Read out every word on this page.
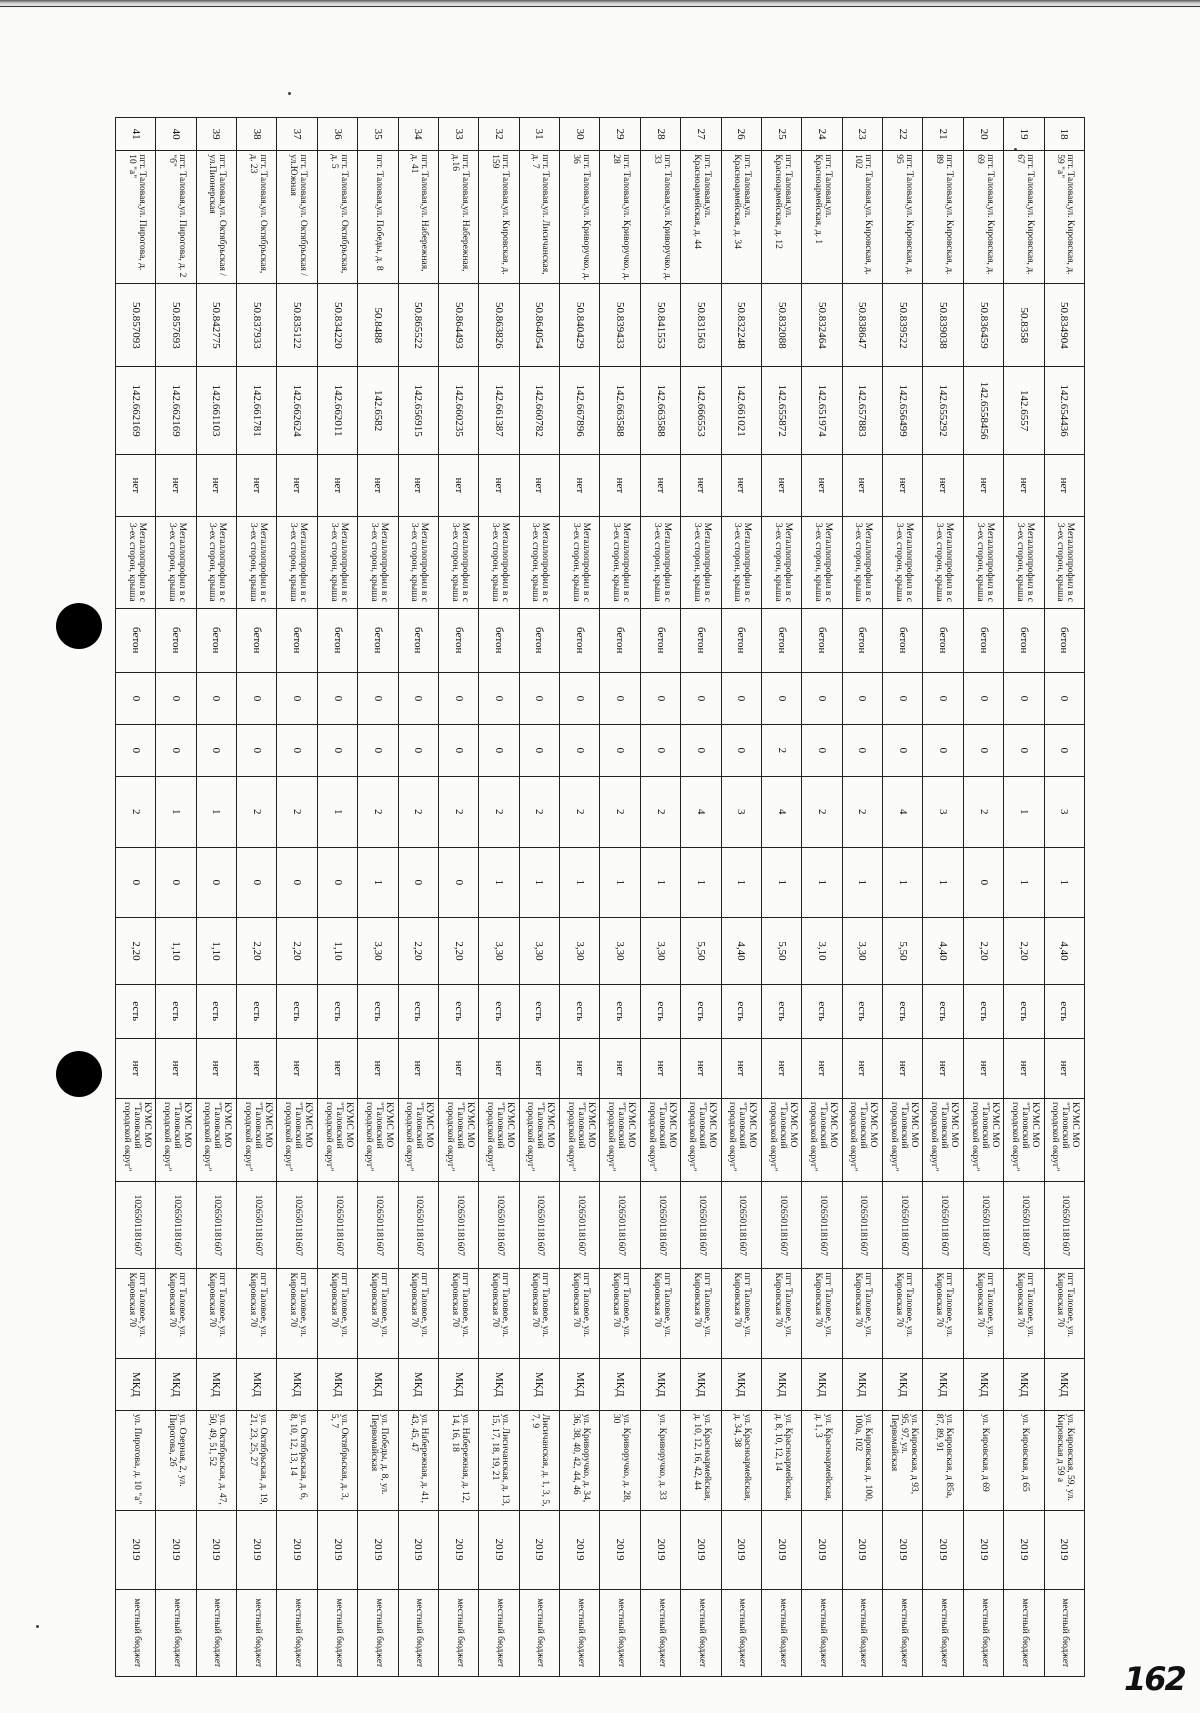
18	пгт. Таловая,ул. Кировская, д. 59 "а"	50.834904	142.654436	нет	Металлопрофил в с 3-ех сторон, крыша	бетон	0	0	3	1	4,40	есть	нет	КУМС МО "Таловский городской округ"	1026501181607	пгт Таловое, ул. Кировская 70	МКД	ул. Кировская, 59, ул. Кировская д 59 а	2019	местный бюджет
19	пгт. Таловая,ул. Кировская, д. 67	50.8358	142.6557	нет	Металлопрофил в с 3-ех сторон, крыша	бетон	0	0	1	1	2,20	есть	нет	КУМС МО "Таловский городской округ"	1026501181607	пгт Таловое, ул. Кировская 70	МКД	ул. Кировская, д 65	2019	местный бюджет
20	пгт. Таловая,ул. Кировская, д. 69	50.836459	142.6558456	нет	Металлопрофил в с 3-ех сторон, крыша	бетон	0	0	2	0	2,20	есть	нет	КУМС МО "Таловский городской округ"	1026501181607	пгт Таловое, ул. Кировская 70	МКД	ул. Кировская, д 69	2019	местный бюджет
21	пгт. Таловая,ул. Кировская, д. 89	50.839038	142.655292	нет	Металлопрофил в с 3-ех сторон, крыша	бетон	0	0	3	1	4,40	есть	нет	КУМС МО "Таловский городской округ"	1026501181607	пгт Таловое, ул. Кировская 70	МКД	ул. Кировская, д 85а, 87, 89, 91	2019	местный бюджет
22	пгт. Таловая,ул. Кировская, д. 95	50.839522	142.656499	нет	Металлопрофил в с 3-ех сторон, крыша	бетон	0	0	4	1	5,50	есть	нет	КУМС МО "Таловский городской округ"	1026501181607	пгт Таловое, ул. Кировская 70	МКД	ул. Кировская, д 93, 95, 97, ул. Первомайская	2019	местный бюджет
23	пгт. Таловая,ул. Кировская, д. 102	50.838647	142.657883	нет	Металлопрофил в с 3-ех сторон, крыша	бетон	0	0	2	1	3,30	есть	нет	КУМС МО "Таловский городской округ"	1026501181607	пгт Таловое, ул. Кировская 70	МКД	ул. Кировская, д. 100, 100а, 102	2019	местный бюджет
24	пгт. Таловая,ул. Красноармейская, д. 1	50.832464	142.651974	нет	Металлопрофил в с 3-ех сторон, крыша	бетон	0	0	2	1	3,10	есть	нет	КУМС МО "Таловский городской округ"	1026501181607	пгт Таловое, ул. Кировская 70	МКД	ул. Красноармейская, д. 1, 3	2019	местный бюджет
25	пгт. Таловая,ул. Красноармейская, д. 12	50.832088	142.655872	нет	Металлопрофил в с 3-ех сторон, крыша	бетон	0	2	4	1	5,50	есть	нет	КУМС МО "Таловский городской округ"	1026501181607	пгт Таловое, ул. Кировская 70	МКД	ул. Красноармейская, д. 8, 10, 12, 14	2019	местный бюджет
26	пгт. Таловая,ул. Красноармейская, д. 34	50.832248	142.661021	нет	Металлопрофил в с 3-ех сторон, крыша	бетон	0	0	3	1	4,40	есть	нет	КУМС МО "Таловский городской округ"	1026501181607	пгт Таловое, ул. Кировская 70	МКД	ул. Красноармейская, д. 34, 38	2019	местный бюджет
27	пгт. Таловая,ул. Красноармейская, д. 44	50.831563	142.666553	нет	Металлопрофил в с 3-ех сторон, крыша	бетон	0	0	4	1	5,50	есть	нет	КУМС МО "Таловский городской округ"	1026501181607	пгт Таловое, ул. Кировская 70	МКД	ул. Красноармейская, д. 10, 12, 16, 42, 44	2019	местный бюджет
28	пгт. Таловая,ул. Криворучко, д. 33	50.841553	142.663588	нет	Металлопрофил в с 3-ех сторон, крыша	бетон	0	0	2	1	3,30	есть	нет	КУМС МО "Таловский городской округ"	1026501181607	пгт Таловое, ул. Кировская 70	МКД	ул. Криворучко, д. 33	2019	местный бюджет
29	пгт. Таловая,ул. Криворучко, д. 28	50.839433	142.663588	нет	Металлопрофил в с 3-ех сторон, крыша	бетон	0	0	2	1	3,30	есть	нет	КУМС МО "Таловский городской округ"	1026501181607	пгт Таловое, ул. Кировская 70	МКД	ул. Криворучко, д. 28, 30	2019	местный бюджет
30	пгт. Таловая,ул. Криворучко, д. 36	50.840429	142.667896	нет	Металлопрофил в с 3-ех сторон, крыша	бетон	0	0	2	1	3,30	есть	нет	КУМС МО "Таловский городской округ"	1026501181607	пгт Таловое, ул. Кировская 70	МКД	ул. Криворучко, д. 34, 36, 38, 40, 42, 44, 46	2019	местный бюджет
31	пгт. Таловая,ул. Лисичанская, д. 7	50.864054	142.660782	нет	Металлопрофил в с 3-ех сторон, крыша	бетон	0	0	2	1	3,30	есть	нет	КУМС МО "Таловский городской округ"	1026501181607	пгт Таловое, ул. Кировская 70	МКД	Лисичанская, д. 1, 3, 5, 7, 9	2019	местный бюджет
32	пгт. Таловая,ул. Кировская, д. 159	50.863826	142.661387	нет	Металлопрофил в с 3-ех сторон, крыша	бетон	0	0	2	1	3,30	есть	нет	КУМС МО "Таловский городской округ"	1026501181607	пгт Таловое, ул. Кировская 70	МКД	ул. Лисичанская, д. 13, 15, 17, 18, 19, 21	2019	местный бюджет
33	пгт. Таловая,ул. Набережная, д.16	50.864493	142.660235	нет	Металлопрофил в с 3-ех сторон, крыша	бетон	0	0	2	0	2,20	есть	нет	КУМС МО "Таловский городской округ"	1026501181607	пгт Таловое, ул. Кировская 70	МКД	ул. Набережная, д. 12, 14, 16, 18	2019	местный бюджет
34	пгт. Таловая,ул. Набережная, д. 41	50.865522	142.656915	нет	Металлопрофил в с 3-ех сторон, крыша	бетон	0	0	2	0	2,20	есть	нет	КУМС МО "Таловский городской округ"	1026501181607	пгт Таловое, ул. Кировская 70	МКД	ул. Набережная, д. 41, 43, 45, 47	2019	местный бюджет
35	пгт. Таловая,ул. Победы, д. 8	50.8488	142.6582	нет	Металлопрофил в с 3-ех сторон, крыша	бетон	0	0	2	1	3,30	есть	нет	КУМС МО "Таловский городской округ"	1026501181607	пгт Таловое, ул. Кировская 70	МКД	ул. Победы, д. 8, ул. Первомайская	2019	местный бюджет
36	пгт. Таловая,ул. Октябрьская, д. 5	50.834220	142.662011	нет	Металлопрофил в с 3-ех сторон, крыша	бетон	0	0	1	0	1,10	есть	нет	КУМС МО "Таловский городской округ"	1026501181607	пгт Таловое, ул. Кировская 70	МКД	ул. Октябрьская, д. 3, 5, 7	2019	местный бюджет
37	пгт. Таловая,ул. Октябрьская / ул.Южная	50.835122	142.662624	нет	Металлопрофил в с 3-ех сторон, крыша	бетон	0	0	2	0	2,20	есть	нет	КУМС МО "Таловский городской округ"	1026501181607	пгт Таловое, ул. Кировская 70	МКД	ул. Октябрьская, д. 6, 8, 10, 12, 13, 14	2019	местный бюджет
38	пгт. Таловая,ул. Октябрьская, д. 23	50.837933	142.661781	нет	Металлопрофил в с 3-ех сторон, крыша	бетон	0	0	2	0	2,20	есть	нет	КУМС МО "Таловский городской округ"	1026501181607	пгт Таловое, ул. Кировская 70	МКД	ул. Октябрьская, д. 19, 21, 23, 25, 27	2019	местный бюджет
39	пгт. Таловая,ул. Октябрьская / ул.Пионерская	50.842775	142.661103	нет	Металлопрофил в с 3-ех сторон, крыша	бетон	0	0	1	0	1,10	есть	нет	КУМС МО "Таловский городской округ"	1026501181607	пгт Таловое, ул. Кировская 70	МКД	ул. Октябрьская, д. 47, 50, 49, 51, 52	2019	местный бюджет
40	пгт. Таловая,ул. Пирогова, д. 2 "б"	50.857693	142.662169	нет	Металлопрофил в с 3-ех сторон, крыша	бетон	0	0	1	0	1,10	есть	нет	КУМС МО "Таловский городской округ"	1026501181607	пгт Таловое, ул. Кировская 70	МКД	ул. Озерная, 2, ул. Пирогова, 2б	2019	местный бюджет
41	пгт. Таловая,ул. Пирогова, д. 10 "а"	50.857093	142.662169	нет	Металлопрофил в с 3-ех сторон, крыша	бетон	0	0	2	0	2,20	есть	нет	КУМС МО "Таловский городской округ"	1026501181607	пгт Таловое, ул. Кировская 70	МКД	ул. Пирогова, д. 10 "а"	2019	местный бюджет
162
